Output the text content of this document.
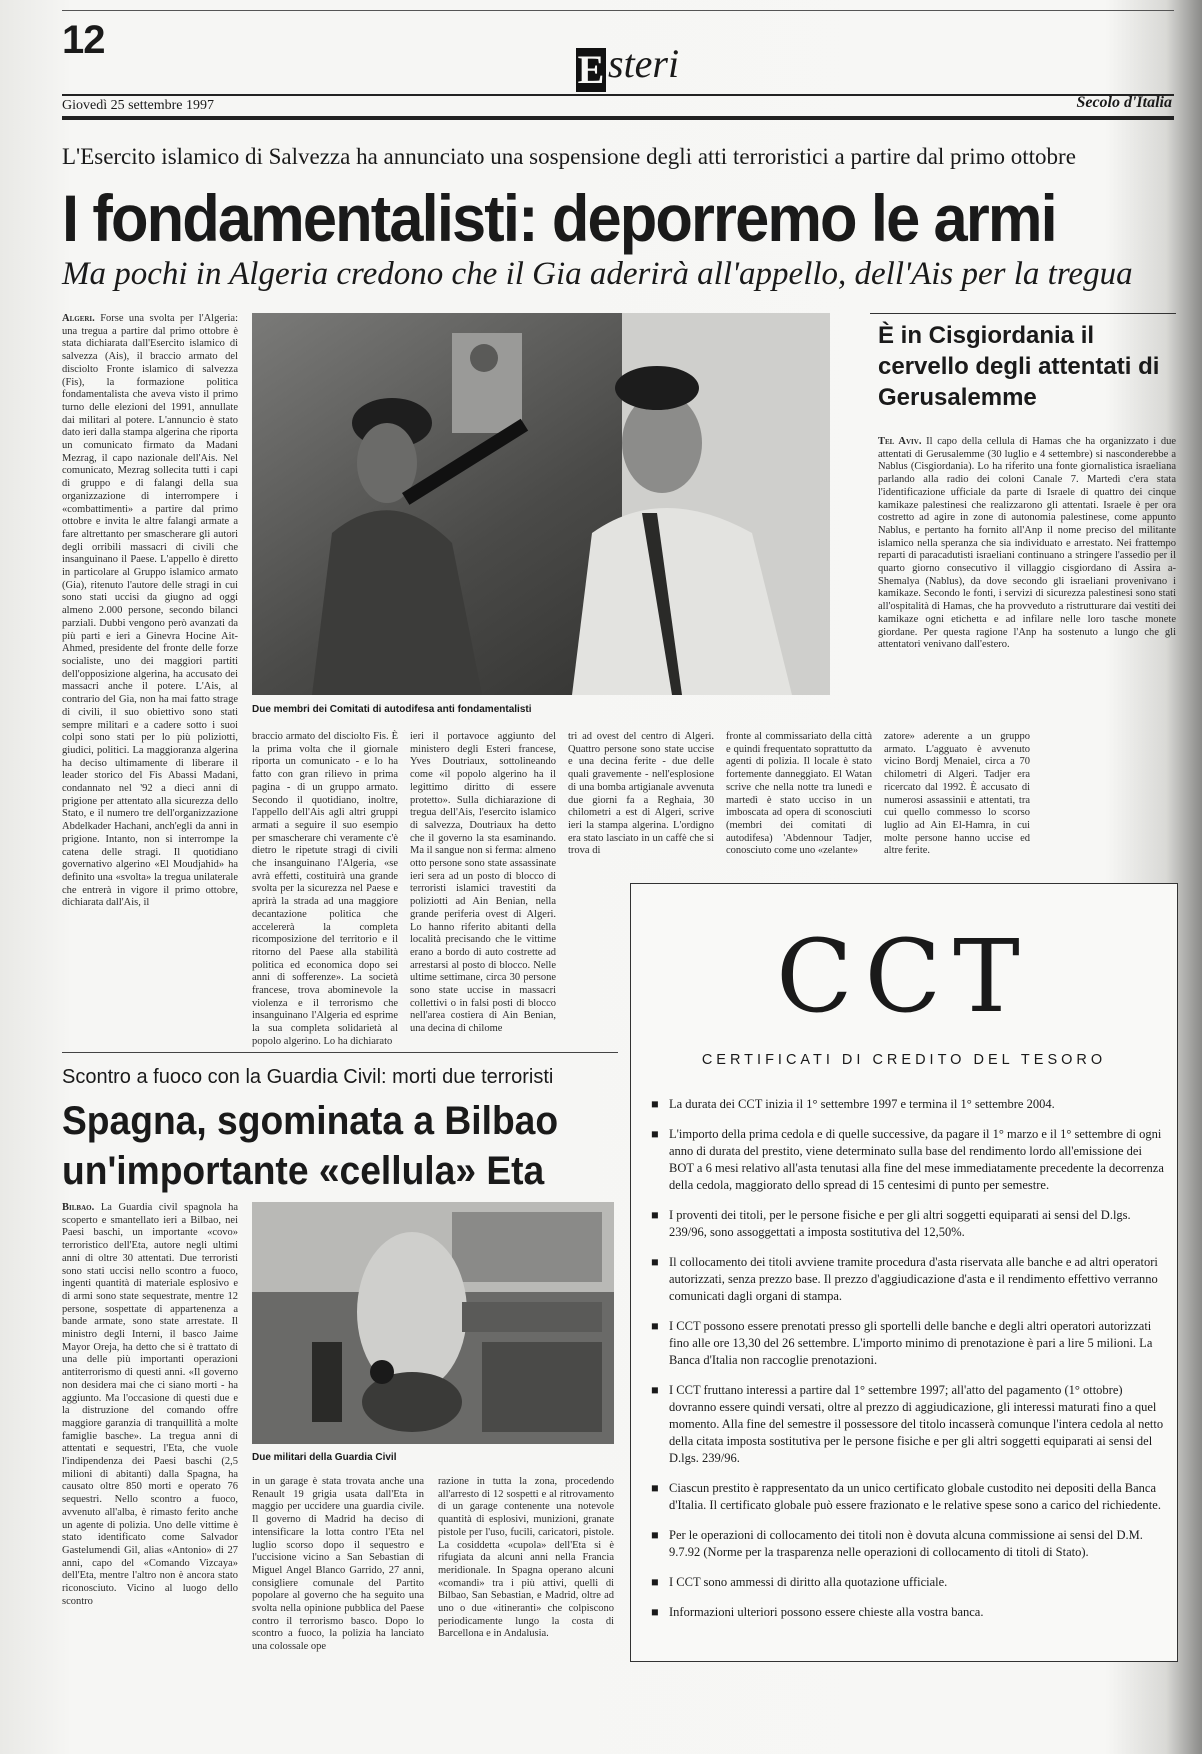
12
Esteri
Giovedì 25 settembre 1997	Secolo d'Italia
L'Esercito islamico di Salvezza ha annunciato una sospensione degli atti terroristici a partire dal primo ottobre
I fondamentalisti: deporremo le armi
Ma pochi in Algeria credono che il Gia aderirà all'appello, dell'Ais per la tregua
Algeri. Forse una svolta per l'Algeria: una tregua a partire dal primo ottobre è stata dichiarata dall'Esercito islamico di salvezza (Ais), il braccio armato del disciolto Fronte islamico di salvezza (Fis), la formazione politica fondamentalista che aveva visto il primo turno delle elezioni del 1991, annullate dai militari al potere. L'annuncio è stato dato ieri dalla stampa algerina che riporta un comunicato firmato da Madani Mezrag, il capo nazionale dell'Ais. Nel comunicato, Mezrag sollecita tutti i capi di gruppo e di falangi della sua organizzazione di interrompere i «combattimenti» a partire dal primo ottobre e invita le altre falangi armate a fare altrettanto per smascherare gli autori degli orribili massacri di civili che insanguinano il Paese. L'appello è diretto in particolare al Gruppo islamico armato (Gia), ritenuto l'autore delle stragi in cui sono stati uccisi da giugno ad oggi almeno 2.000 persone, secondo bilanci parziali. Dubbi vengono però avanzati da più parti e ieri a Ginevra Hocine Ait-Ahmed, presidente del fronte delle forze socialiste, uno dei maggiori partiti dell'opposizione algerina, ha accusato dei massacri anche il potere. L'Ais, al contrario del Gia, non ha mai fatto strage di civili, il suo obiettivo sono stati sempre militari e a cadere sotto i suoi colpi sono stati per lo più poliziotti, giudici, politici. La maggioranza algerina ha deciso ultimamente di liberare il leader storico del Fis Abassi Madani, condannato nel '92 a dieci anni di prigione per attentato alla sicurezza dello Stato, e il numero tre dell'organizzazione Abdelkader Hachani, anch'egli da anni in prigione. Intanto, non si interrompe la catena delle stragi. Il quotidiano governativo algerino «El Moudjahid» ha definito una «svolta» la tregua unilaterale che entrerà in vigore il primo ottobre, dichiarata dall'Ais, il
Due membri dei Comitati di autodifesa anti fondamentalisti
È in Cisgiordania il cervello degli attentati di Gerusalemme
Tel Aviv. Il capo della cellula di Hamas che ha organizzato i due attentati di Gerusalemme (30 luglio e 4 settembre) si nasconderebbe a Nablus (Cisgiordania). Lo ha riferito una fonte giornalistica israeliana parlando alla radio dei coloni Canale 7. Martedì c'era stata l'identificazione ufficiale da parte di Israele di quattro dei cinque kamikaze palestinesi che realizzarono gli attentati. Israele è per ora costretto ad agire in zone di autonomia palestinese, come appunto Nablus, e pertanto ha fornito all'Anp il nome preciso del militante islamico nella speranza che sia individuato e arrestato. Nei frattempo reparti di paracadutisti israeliani continuano a stringere l'assedio per il quarto giorno consecutivo il villaggio cisgiordano di Assira a-Shemalya (Nablus), da dove secondo gli israeliani provenivano i kamikaze. Secondo le fonti, i servizi di sicurezza palestinesi sono stati all'ospitalità di Hamas, che ha provveduto a ristrutturare dai vestiti dei kamikaze ogni etichetta e ad infilare nelle loro tasche monete giordane. Per questa ragione l'Anp ha sostenuto a lungo che gli attentatori venivano dall'estero.
braccio armato del disciolto Fis. È la prima volta che il giornale riporta un comunicato - e lo ha fatto con gran rilievo in prima pagina - di un gruppo armato. Secondo il quotidiano, inoltre, l'appello dell'Ais agli altri gruppi armati a seguire il suo esempio per smascherare chi veramente c'è dietro le ripetute stragi di civili che insanguinano l'Algeria, «se avrà effetti, costituirà una grande svolta per la sicurezza nel Paese e aprirà la strada ad una maggiore decantazione politica che accelererà la completa ricomposizione del territorio e il ritorno del Paese alla stabilità politica ed economica dopo sei anni di sofferenze». La società francese, trova abominevole la violenza e il terrorismo che insanguinano l'Algeria ed esprime la sua completa solidarietà al popolo algerino. Lo ha dichiarato
ieri il portavoce aggiunto del ministero degli Esteri francese, Yves Doutriaux, sottolineando come «il popolo algerino ha il legittimo diritto di essere protetto». Sulla dichiarazione di tregua dell'Ais, l'esercito islamico di salvezza, Doutriaux ha detto che il governo la sta esaminando. Ma il sangue non si ferma: almeno otto persone sono state assassinate ieri sera ad un posto di blocco di terroristi islamici travestiti da poliziotti ad Ain Benian, nella grande periferia ovest di Algeri. Lo hanno riferito abitanti della località precisando che le vittime erano a bordo di auto costrette ad arrestarsi al posto di blocco. Nelle ultime settimane, circa 30 persone sono state uccise in massacri collettivi o in falsi posti di blocco nell'area costiera di Ain Benian, una decina di chilome
tri ad ovest del centro di Algeri. Quattro persone sono state uccise e una decina ferite - due delle quali gravemente - nell'esplosione di una bomba artigianale avvenuta due giorni fa a Reghaia, 30 chilometri a est di Algeri, scrive ieri la stampa algerina. L'ordigno era stato lasciato in un caffè che si trova di
fronte al commissariato della città e quindi frequentato soprattutto da agenti di polizia. Il locale è stato fortemente danneggiato. El Watan scrive che nella notte tra lunedì e martedì è stato ucciso in un imboscata ad opera di sconosciuti (membri dei comitati di autodifesa) 'Abdennour Tadjer, conosciuto come uno «zelante»
zatore» aderente a un gruppo armato. L'agguato è avvenuto vicino Bordj Menaiel, circa a 70 chilometri di Algeri. Tadjer era ricercato dal 1992. È accusato di numerosi assassinii e attentati, tra cui quello commesso lo scorso luglio ad Ain El-Hamra, in cui molte persone hanno uccise ed altre ferite.
Scontro a fuoco con la Guardia Civil: morti due terroristi
Spagna, sgominata a Bilbao
un'importante «cellula» Eta
Bilbao. La Guardia civil spagnola ha scoperto e smantellato ieri a Bilbao, nei Paesi baschi, un importante «covo» terroristico dell'Eta, autore negli ultimi anni di oltre 30 attentati. Due terroristi sono stati uccisi nello scontro a fuoco, ingenti quantità di materiale esplosivo e di armi sono state sequestrate, mentre 12 persone, sospettate di appartenenza a bande armate, sono state arrestate. Il ministro degli Interni, il basco Jaime Mayor Oreja, ha detto che si è trattato di una delle più importanti operazioni antiterrorismo di questi anni. «Il governo non desidera mai che ci siano morti - ha aggiunto. Ma l'occasione di questi due e la distruzione del comando offre maggiore garanzia di tranquillità a molte famiglie basche». La tregua anni di attentati e sequestri, l'Eta, che vuole l'indipendenza dei Paesi baschi (2,5 milioni di abitanti) dalla Spagna, ha causato oltre 850 morti e operato 76 sequestri. Nello scontro a fuoco, avvenuto all'alba, è rimasto ferito anche un agente di polizia. Uno delle vittime è stato identificato come Salvador Gastelumendi Gil, alias «Antonio» di 27 anni, capo del «Comando Vizcaya» dell'Eta, mentre l'altro non è ancora stato riconosciuto. Vicino al luogo dello scontro
Due militari della Guardia Civil
in un garage è stata trovata anche una Renault 19 grigia usata dall'Eta in maggio per uccidere una guardia civile. Il governo di Madrid ha deciso di intensificare la lotta contro l'Eta nel luglio scorso dopo il sequestro e l'uccisione vicino a San Sebastian di Miguel Angel Blanco Garrido, 27 anni, consigliere comunale del Partito popolare al governo che ha seguito una svolta nella opinione pubblica del Paese contro il terrorismo basco. Dopo lo scontro a fuoco, la polizia ha lanciato una colossale ope
razione in tutta la zona, procedendo all'arresto di 12 sospetti e al ritrovamento di un garage contenente una notevole quantità di esplosivi, munizioni, granate pistole per l'uso, fucili, caricatori, pistole. La cosiddetta «cupola» dell'Eta si è rifugiata da alcuni anni nella Francia meridionale. In Spagna operano alcuni «comandi» tra i più attivi, quelli di Bilbao, San Sebastian, e Madrid, oltre ad uno o due «itineranti» che colpiscono periodicamente lungo la costa di Barcellona e in Andalusia.
CCT
CERTIFICATI DI CREDITO DEL TESORO
■ La durata dei CCT inizia il 1° settembre 1997 e termina il 1° settembre 2004.
■ L'importo della prima cedola e di quelle successive, da pagare il 1° marzo e il 1° settembre di ogni anno di durata del prestito, viene determinato sulla base del rendimento lordo all'emissione dei BOT a 6 mesi relativo all'asta tenutasi alla fine del mese immediatamente precedente la decorrenza della cedola, maggiorato dello spread di 15 centesimi di punto per semestre.
■ I proventi dei titoli, per le persone fisiche e per gli altri soggetti equiparati ai sensi del D.lgs. 239/96, sono assoggettati a imposta sostitutiva del 12,50%.
■ Il collocamento dei titoli avviene tramite procedura d'asta riservata alle banche e ad altri operatori autorizzati, senza prezzo base. Il prezzo d'aggiudicazione d'asta e il rendimento effettivo verranno comunicati dagli organi di stampa.
■ I CCT possono essere prenotati presso gli sportelli delle banche e degli altri operatori autorizzati fino alle ore 13,30 del 26 settembre. L'importo minimo di prenotazione è pari a lire 5 milioni. La Banca d'Italia non raccoglie prenotazioni.
■ I CCT fruttano interessi a partire dal 1° settembre 1997; all'atto del pagamento (1° ottobre) dovranno essere quindi versati, oltre al prezzo di aggiudicazione, gli interessi maturati fino a quel momento. Alla fine del semestre il possessore del titolo incasserà comunque l'intera cedola al netto della citata imposta sostitutiva per le persone fisiche e per gli altri soggetti equiparati ai sensi del D.lgs. 239/96.
■ Ciascun prestito è rappresentato da un unico certificato globale custodito nei depositi della Banca d'Italia. Il certificato globale può essere frazionato e le relative spese sono a carico del richiedente.
■ Per le operazioni di collocamento dei titoli non è dovuta alcuna commissione ai sensi del D.M. 9.7.92 (Norme per la trasparenza nelle operazioni di collocamento di titoli di Stato).
■ I CCT sono ammessi di diritto alla quotazione ufficiale.
■ Informazioni ulteriori possono essere chieste alla vostra banca.
